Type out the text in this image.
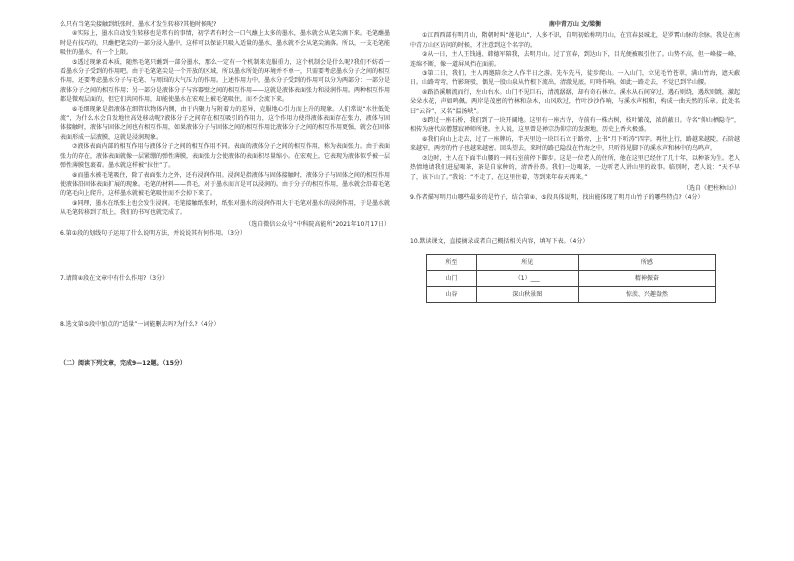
么只有当笔尖接触到纸张时，墨水才发生转移?其他时候呢?

④实际上，墨水自动发生转移也是常有的事情，初学者有时会一口气蘸上太多的墨水，墨水就会从笔尖滴下来。毛笔蘸墨时是有技巧的，只蘸把笔尖的一部分浸入墨中，这样可以保证只吸入适量的墨水，墨水就不会从笔尖滴落。所以，一支毛笔能吸住的墨水，有一个上限。

⑤透过现象看本质，随然毛笔只蘸到一部分墨水，那么一定有一个机制来克服重力，这个机制会是什么呢?我们不妨看一看墨水分子受到的作用吧。由于毛笔笔尖是一个开放的区域，所以墨水所处的环境并不单一，只需要考虑墨水分子之间的相互作用，还要考虑墨水分子与毛笔、与周围的大气压力的作用。上述作用力中，墨水分子受到的作用可以分为两部分：一部分是液体分子之间的相互作用；另一部分是液体分子与容器壁之间的相互作用——这就是液体表面张力和浸润作用。两种相互作用都是微观层面的，但它们共同作用，却能使墨水在宏观上被毛笔吸住，而不会流下来。

⑥毛细现象是指液体在细管状物体内侧，由于内聚力与附着力的差异，克服地心引力而上升的现象。人们常说“水往低处流”，为什么水会自发地往高处移动呢?液体分子之间存在相互吸引的作用力，这个作用力使得液体表面存在张力，液体与固体接触时，液体与固体之间也有相互作用，如果液体分子与固体之间的相互作用比液体分子之间的相互作用更强，就会在固体表面形成一层液膜，这就是浸润现象。

⑦液体表面内部的相互作用与液体分子之间的相互作用不同。表面的液体分子之间的相互作用，称为表面张力。由于表面张力的存在，液体表面就像一层紧绷的弹性薄膜，表面张力会使液体的表面积尽量缩小。在宏观上，它表现为液体似乎被一层弹性薄膜包裹着。墨水就这样被“拉住”了。

⑧而墨水被毛笔吸住，除了表面张力之外，还有浸润作用。浸润是指液体与固体接触时，液体分子与固体之间的相互作用使液体沿固体表面扩展的现象。毛笔的材料——兽毛，对于墨水而言是可以浸润的。由于分子的相互作用，墨水就会沿着毛笔的笔毛向上爬升，这样墨水就被毛笔吸住而不会掉下来了。

⑨同理，墨水在纸张上也会发生浸润。毛笔接触纸张时，纸张对墨水的浸润作用大于毛笔对墨水的浸润作用，于是墨水就从毛笔转移到了纸上，我们的书写也就完成了。

（选自微信公众号“中科院高能所”2021年10月17日）

6.第①段的划线句子运用了什么说明方法，并说说其有何作用。（3分）

7.请简④段在文章中有什么作用?（3分）

8.选文第⑤段中加点的“适量”一词能删去吗?为什么?（4分）

（二）阅读下列文章，完成9—12题。（15分）

南中青万山 文/梁衡

①江西西部有明月山，隋朝时叫“莲花山”，人多不识，自明初始称明月山，在宜春县城北，是罗霄山脉的余脉。我是在南中青万山区访问的时候，才注意到这个名字的。

②从一日，主人王钱通、韩德军陪我，去明月山。过了宜春，到达山下，目光便被吸引住了。山势不高，但一峰接一峰，连绵不断，像一道屏风挡在面前。

③第二日，我们，主人再邀陪余之人作半日之游。先车先马，徒步爬山。一入山门，立见毛竹苍翠，满山竹海，遮天蔽日。山路弯弯，竹影斑驳，偶见一股山泉从竹根下流出，清澈见底，叮咚作响。如此一路走去，不觉已到半山腰。

④路沿溪顺流而行，左山右水。山门不见巨石，清流潺潺，却有奇石林立。溪水从石间穿过，遇石则绕，遇坎则跳，激起朵朵水花，声如鸣佩。两岸是茂密的竹林和杂木，山风吹过，竹叶沙沙作响，与溪水声相和，构成一曲天然的乐章。此处名曰“云谷”，又名“温汤峡”。

⑤跨过一座石桥，我们到了一块开阔地。这里有一座古寺，寺前有一株古树，枝叶繁茂，浓荫蔽日。寺名“仰山栖隐寺”，相传为唐代高僧慧寂禅师所建。主人说，这里曾是禅宗沩仰宗的发源地，历史上香火极盛。

⑥我们向山上走去，过了一座牌坊，半天里边一块巨石立于路旁，上书“月下听涛”四字。再往上行，路越来越陡，石阶越来越窄，两旁的竹子也越来越密。回头望去，来时的路已隐没在竹海之中，只听得见脚下的溪水声和林中的鸟鸣声。

⑦边时，主人在下面半山腰的一间石室前停下脚步。这是一位老人的住所，他在这里已经住了几十年，以种茶为生。老人热情地请我们进屋喝茶，茶是自家种的，清香扑鼻。我们一边喝茶，一边听老人讲山里的故事。临别时，老人说：“天不早了，该下山了。”我说：“不走了，在这里住着，等到来年春天再来。”

（选自《把柱种山》）

9.作者描写明月山哪些最多的是竹子，结合第④、⑤段具体说明，找出能体现了明月山竹子的哪些特点?（4分）

10.默读课文，直接摘录或者自己概括相关内容，填写下表。（4分）

所至	所见	所感
山门	（1）___	精神振奋
山谷	深山秋景图	惊羡、兴趣盎然
